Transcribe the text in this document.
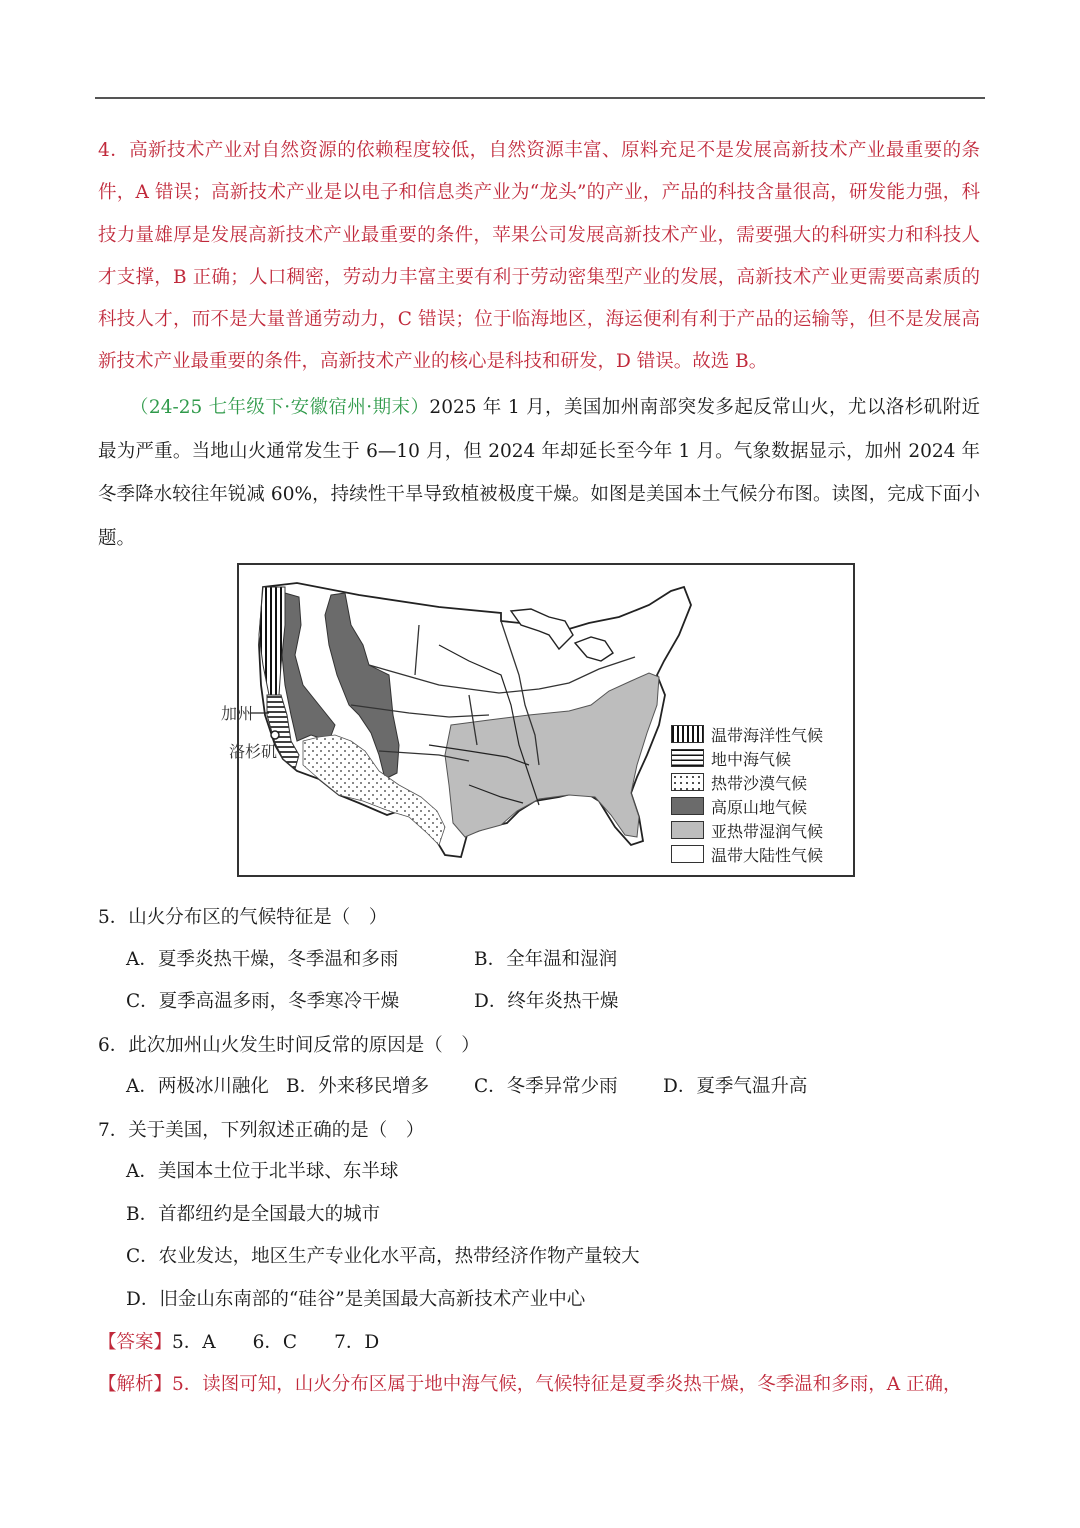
4．高新技术产业对自然资源的依赖程度较低，自然资源丰富、原料充足不是发展高新技术产业最重要的条件，A 错误；高新技术产业是以电子和信息类产业为“龙头”的产业，产品的科技含量很高，研发能力强，科技力量雄厚是发展高新技术产业最重要的条件，苹果公司发展高新技术产业，需要强大的科研实力和科技人才支撑，B 正确；人口稠密，劳动力丰富主要有利于劳动密集型产业的发展，高新技术产业更需要高素质的科技人才，而不是大量普通劳动力，C 错误；位于临海地区，海运便利有利于产品的运输等，但不是发展高新技术产业最重要的条件，高新技术产业的核心是科技和研发，D 错误。故选 B。
（24-25 七年级下·安徽宿州·期末）2025 年 1 月，美国加州南部突发多起反常山火，尤以洛杉矶附近最为严重。当地山火通常发生于 6—10 月，但 2024 年却延长至今年 1 月。气象数据显示，加州 2024 年冬季降水较往年锐减 60%，持续性干旱导致植被极度干燥。如图是美国本土气候分布图。读图，完成下面小题。
加州
洛杉矶
温带海洋性气候
地中海气候
热带沙漠气候
高原山地气候
亚热带湿润气候
温带大陆性气候
5．山火分布区的气候特征是（　）
A．夏季炎热干燥，冬季温和多雨	B．全年温和湿润
C．夏季高温多雨，冬季寒冷干燥	D．终年炎热干燥
6．此次加州山火发生时间反常的原因是（　）
A．两极冰川融化 B．外来移民增多 C．冬季异常少雨 D．夏季气温升高
7．关于美国，下列叙述正确的是（　）
A．美国本土位于北半球、东半球
B．首都纽约是全国最大的城市
C．农业发达，地区生产专业化水平高，热带经济作物产量较大
D．旧金山东南部的“硅谷”是美国最大高新技术产业中心
【答案】5．A　　6．C　　7．D
【解析】5．读图可知，山火分布区属于地中海气候，气候特征是夏季炎热干燥，冬季温和多雨，A 正确，
